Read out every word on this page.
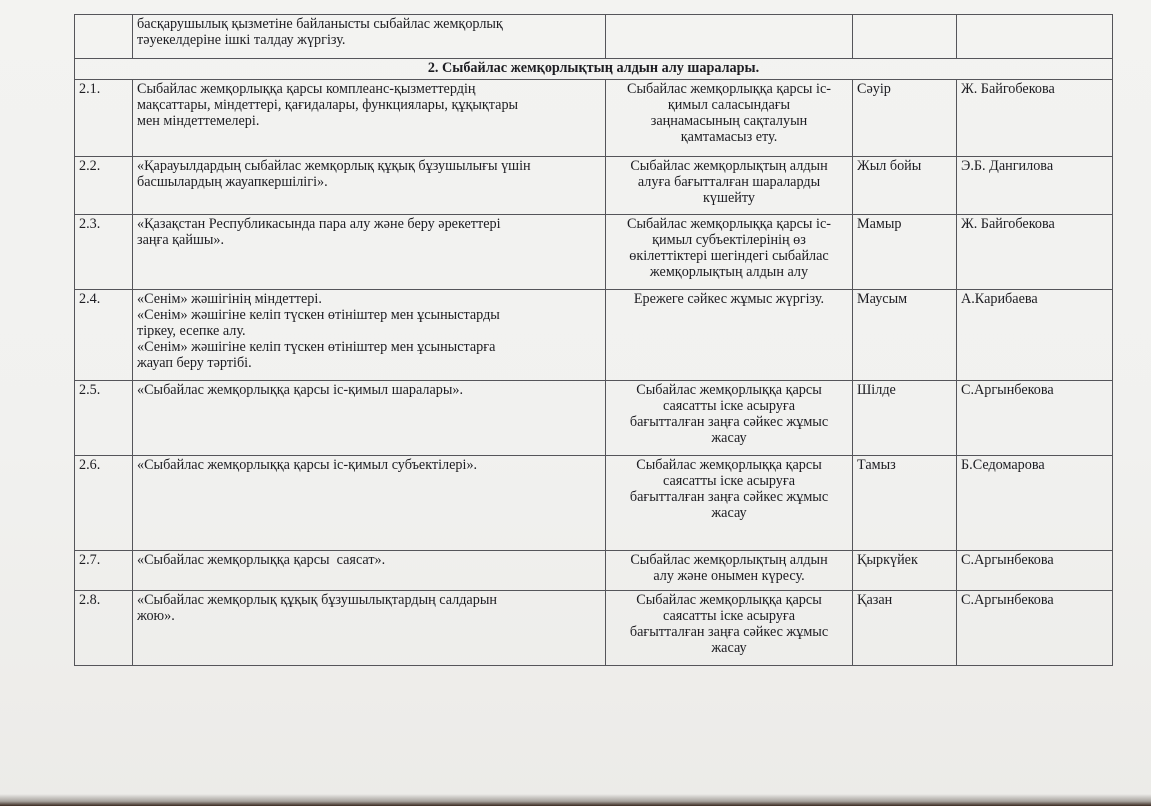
	басқарушылық қызметіне байланысты сыбайлас жемқорлық
тәуекелдеріне ішкі талдау жүргізу.			

2. Сыбайлас жемқорлықтың алдын алу шаралары.				
2.1.	Сыбайлас жемқорлыққа қарсы комплеанс-қызметтердің
мақсаттары, міндеттері, қағидалары, функциялары, құқықтары
мен міндеттемелері.	Сыбайлас жемқорлыққа қарсы іс-
қимыл саласындағы
заңнамасының сақталуын
қамтамасыз ету.	Сәуір	Ж. Байгобекова
2.2.	«Қарауылдардың сыбайлас жемқорлық құқық бұзушылығы үшін
басшылардың жауапкершілігі».	Сыбайлас жемқорлықтың алдын
алуға бағытталған шараларды
күшейту	Жыл бойы	Э.Б. Дангилова
2.3.	«Қазақстан Республикасында пара алу және беру әрекеттері
заңға қайшы».	Сыбайлас жемқорлыққа қарсы іс-
қимыл субъектілерінің өз
өкілеттіктері шегіндегі сыбайлас
жемқорлықтың алдын алу	Мамыр	Ж. Байгобекова
2.4.	«Сенім» жәшігінің міндеттері.
«Сенім» жәшігіне келіп түскен өтініштер мен ұсыныстарды
тіркеу, есепке алу.
«Сенім» жәшігіне келіп түскен өтініштер мен ұсыныстарға
жауап беру тәртібі.	Ережеге сәйкес жұмыс жүргізу.	Маусым	А.Карибаева
2.5.	«Сыбайлас жемқорлыққа қарсы іс-қимыл шаралары».	Сыбайлас жемқорлыққа қарсы
саясатты іске асыруға
бағытталған заңға сәйкес жұмыс
жасау	Шілде	С.Аргынбекова
2.6.	«Сыбайлас жемқорлыққа қарсы іс-қимыл субъектілері».	Сыбайлас жемқорлыққа қарсы
саясатты іске асыруға
бағытталған заңға сәйкес жұмыс
жасау	Тамыз	Б.Седомарова
2.7.	«Сыбайлас жемқорлыққа қарсы  саясат».	Сыбайлас жемқорлықтың алдын
алу және онымен күресу.	Қыркүйек	С.Аргынбекова
2.8.	«Сыбайлас жемқорлық құқық бұзушылықтардың салдарын
жою».	Сыбайлас жемқорлыққа қарсы
саясатты іске асыруға
бағытталған заңға сәйкес жұмыс
жасау	Қазан	С.Аргынбекова
